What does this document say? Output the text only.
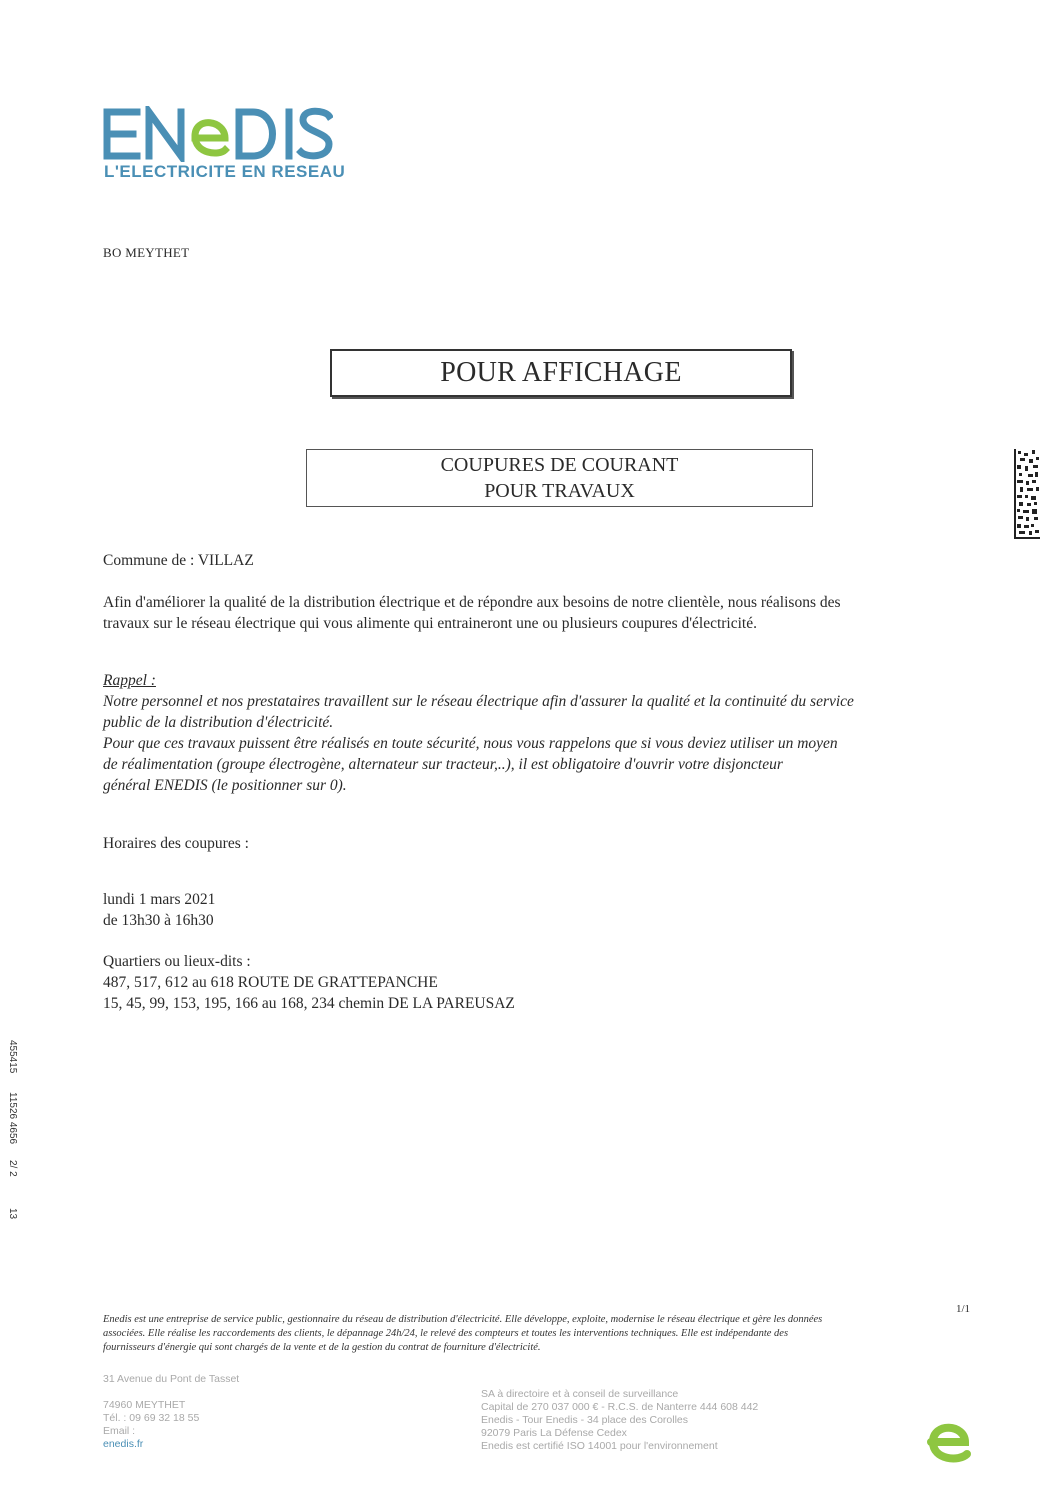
L'ELECTRICITE EN RESEAU
BO MEYTHET
POUR AFFICHAGE
COUPURES DE COURANT
POUR TRAVAUX
Commune de : VILLAZ
Afin d'améliorer la qualité de la distribution électrique et de répondre aux besoins de notre clientèle, nous réalisons des
travaux sur le réseau électrique qui vous alimente qui entraineront une ou plusieurs coupures d'électricité.
Rappel :
Notre personnel et nos prestataires travaillent sur le réseau électrique afin d'assurer la qualité et la continuité du service
public de la distribution d'électricité.
Pour que ces travaux puissent être réalisés en toute sécurité, nous vous rappelons que si vous deviez utiliser un moyen
de réalimentation (groupe électrogène, alternateur sur tracteur,..), il est obligatoire d'ouvrir votre disjoncteur
général ENEDIS (le positionner sur 0).
Horaires des coupures :
lundi 1 mars 2021
de 13h30 à 16h30
Quartiers ou lieux-dits :
487, 517, 612 au 618 ROUTE DE GRATTEPANCHE
15, 45, 99, 153, 195, 166 au 168, 234 chemin DE LA PAREUSAZ
455415
11526 4656
2/ 2
13
1/1
Enedis est une entreprise de service public, gestionnaire du réseau de distribution d'électricité. Elle développe, exploite, modernise le réseau électrique et gère les données
associées. Elle réalise les raccordements des clients, le dépannage 24h/24, le relevé des compteurs et toutes les interventions techniques. Elle est indépendante des
fournisseurs d'énergie qui sont chargés de la vente et de la gestion du contrat de fourniture d'électricité.
31 Avenue du Pont de Tasset
74960 MEYTHET
Tél. : 09 69 32 18 55
Email :
enedis.fr
SA à directoire et à conseil de surveillance
Capital de 270 037 000 € - R.C.S. de Nanterre 444 608 442
Enedis - Tour Enedis - 34 place des Corolles
92079 Paris La Défense Cedex
Enedis est certifié ISO 14001 pour l'environnement
